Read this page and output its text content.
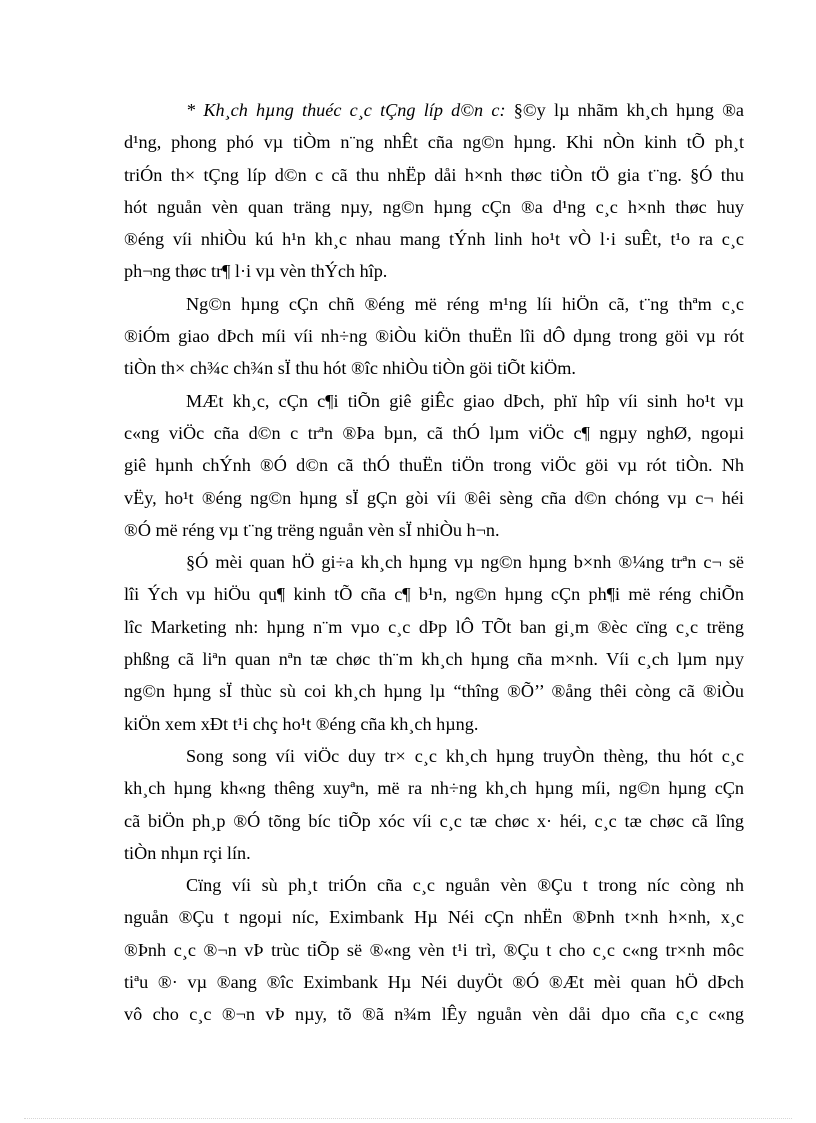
* Kh¸ch hµng thuéc c¸c tÇng líp d©n c: §©y lµ nhãm kh¸ch hµng ®a
d¹ng, phong phó vµ tiÒm n¨ng nhÊt cña ng©n hµng. Khi nÒn kinh tÕ ph¸t
triÓn th× tÇng líp d©n c cã thu nhËp dåi h×nh thøc tiÒn tÖ gia t¨ng. §Ó thu
hót nguån vèn quan träng nµy, ng©n hµng cÇn ®a d¹ng c¸c h×nh thøc huy
®éng víi nhiÒu kú h¹n kh¸c nhau mang tÝnh linh ho¹t vÒ l·i suÊt, t¹o ra c¸c
ph¬ng thøc tr¶ l·i vµ vèn thÝch hîp.
Ng©n hµng cÇn chñ ®éng më réng m¹ng líi hiÖn cã, t¨ng thªm c¸c
®iÓm giao dÞch míi víi nh÷ng ®iÒu kiÖn thuËn lîi dÔ dµng trong göi vµ rót
tiÒn th× ch¾c ch¾n sÏ thu hót ®îc nhiÒu tiÒn göi tiÕt kiÖm.
MÆt kh¸c, cÇn c¶i tiÕn giê giÊc giao dÞch, phï hîp víi sinh ho¹t vµ
c«ng viÖc cña d©n c trªn ®Þa bµn, cã thÓ lµm viÖc c¶ ngµy nghØ, ngoµi
giê hµnh chÝnh ®Ó d©n cã thÓ thuËn tiÖn trong viÖc göi vµ rót tiÒn. Nh
vËy, ho¹t ®éng ng©n hµng sÏ gÇn gòi víi ®êi sèng cña d©n chóng vµ c¬ héi
®Ó më réng vµ t¨ng trëng nguån vèn sÏ nhiÒu h¬n.
§Ó mèi quan hÖ gi÷a kh¸ch hµng vµ ng©n hµng b×nh ®¼ng trªn c¬ së
lîi Ých vµ hiÖu qu¶ kinh tÕ cña c¶ b¹n, ng©n hµng cÇn ph¶i më réng chiÕn
lîc Marketing nh: hµng n¨m vµo c¸c dÞp lÔ TÕt ban gi¸m ®èc cïng c¸c trëng
phßng cã liªn quan nªn tæ chøc th¨m kh¸ch hµng cña m×nh. Víi c¸ch lµm nµy
ng©n hµng sÏ thùc sù coi kh¸ch hµng lµ “thîng ®Õ’’ ®ång thêi còng cã ®iÒu
kiÖn xem xÐt t¹i chç ho¹t ®éng cña kh¸ch hµng.
Song song víi viÖc duy tr× c¸c kh¸ch hµng truyÒn thèng, thu hót c¸c
kh¸ch hµng kh«ng thêng xuyªn, më ra nh÷ng kh¸ch hµng míi, ng©n hµng cÇn
cã biÖn ph¸p ®Ó tõng bíc tiÕp xóc víi c¸c tæ chøc x· héi, c¸c tæ chøc cã lîng
tiÒn nhµn rçi lín.
Cïng víi sù ph¸t triÓn cña c¸c nguån vèn ®Çu t trong níc còng nh
nguån ®Çu t ngoµi níc, Eximbank Hµ Néi cÇn nhËn ®Þnh t×nh h×nh, x¸c
®Þnh c¸c ®¬n vÞ trùc tiÕp së ®«ng vèn t¹i trì, ®Çu t cho c¸c c«ng tr×nh môc
tiªu ®· vµ ®ang ®îc Eximbank Hµ Néi duyÖt ®Ó ®Æt mèi quan hÖ dÞch
vô cho c¸c ®¬n vÞ nµy, tõ ®ã n¾m lÊy nguån vèn dåi dµo cña c¸c c«ng
